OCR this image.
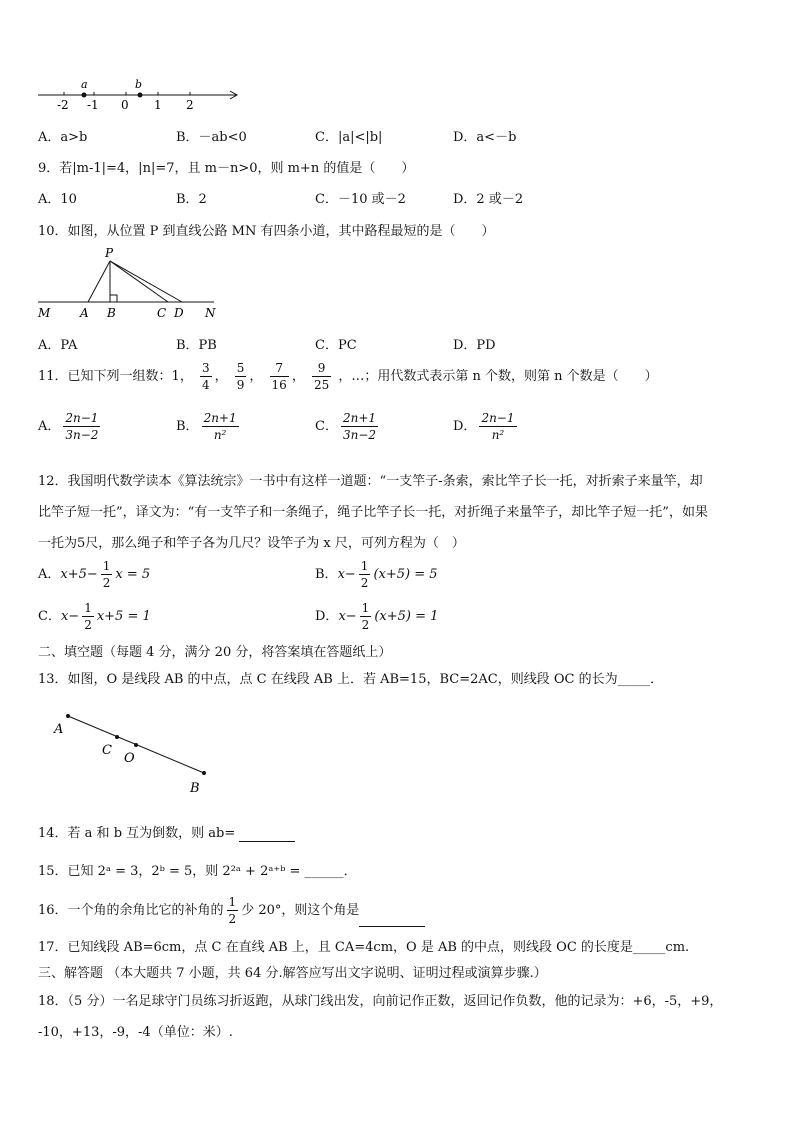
a	b
-2 -1 0 1 2
A．a>b	B．－ab<0	C．|a|<|b|	D．a<－b
9．若|m-1|=4，|n|=7，且 m－n>0，则 m+n 的值是（　　）
A．10	B．2	C．－10 或－2	D．2 或－2
10．如图，从位置 P 到直线公路 MN 有四条小道，其中路程最短的是（　　）
P
M A B	C D N
A．PA	B．PB	C．PC	D．PD
11．已知下列一组数：1， $\frac{3}{4}$ ， $\frac{5}{9}$ ， $\frac{7}{16}$ ， $\frac{9}{25}$ ，…；用代数式表示第 n 个数，则第 n 个数是（　　）
A． $\frac{2n-1}{3n-2}$	B． $\frac{2n+1}{\text{n²}}$	C． $\frac{2n+1}{3n-2}$	D． $\frac{2n-1}{\text{n²}}$
12．我国明代数学读本《算法统宗》一书中有这样一道题：“一支竿子-条索，索比竿子长一托，对折索子来量竿，却
比竿子短一托”，译文为：“有一支竿子和一条绳子，绳子比竿子长一托，对折绳子来量竿子，却比竿子短一托”，如果
一托为5尺，那么绳子和竿子各为几尺？设竿子为 x 尺，可列方程为（　）
A．$x+5- \frac{1}{2}$ x = 5	B．$x- \frac{1}{2} (x+5) = 5$
C．$x- \frac{1}{2} x+5 = 1$	D．$x- \frac{1}{2} (x+5) = 1$
二、填空题（每题 4 分，满分 20 分，将答案填在答题纸上）
13．如图，O 是线段 AB 的中点，点 C 在线段 AB 上．若 AB=15，BC=2AC，则线段 OC 的长为_____．
A
C
O
B
14．若 a 和 b 互为倒数，则 ab=
15．已知 2ᵃ = 3，2ᵇ = 5，则 2²ᵃ + 2ᵃ⁺ᵇ = ______．
16．一个角的余角比它的补角的 $\frac{1}{2}$ 少 20°，则这个角是
17．已知线段 AB=6cm，点 C 在直线 AB 上，且 CA=4cm，O 是 AB 的中点，则线段 OC 的长度是_____cm.
三、解答题 （本大题共 7 小题，共 64 分.解答应写出文字说明、证明过程或演算步骤.）
18．（5 分）一名足球守门员练习折返跑，从球门线出发，向前记作正数，返回记作负数，他的记录为：+6，-5，+9，
-10，+13，-9，-4（单位：米）.
